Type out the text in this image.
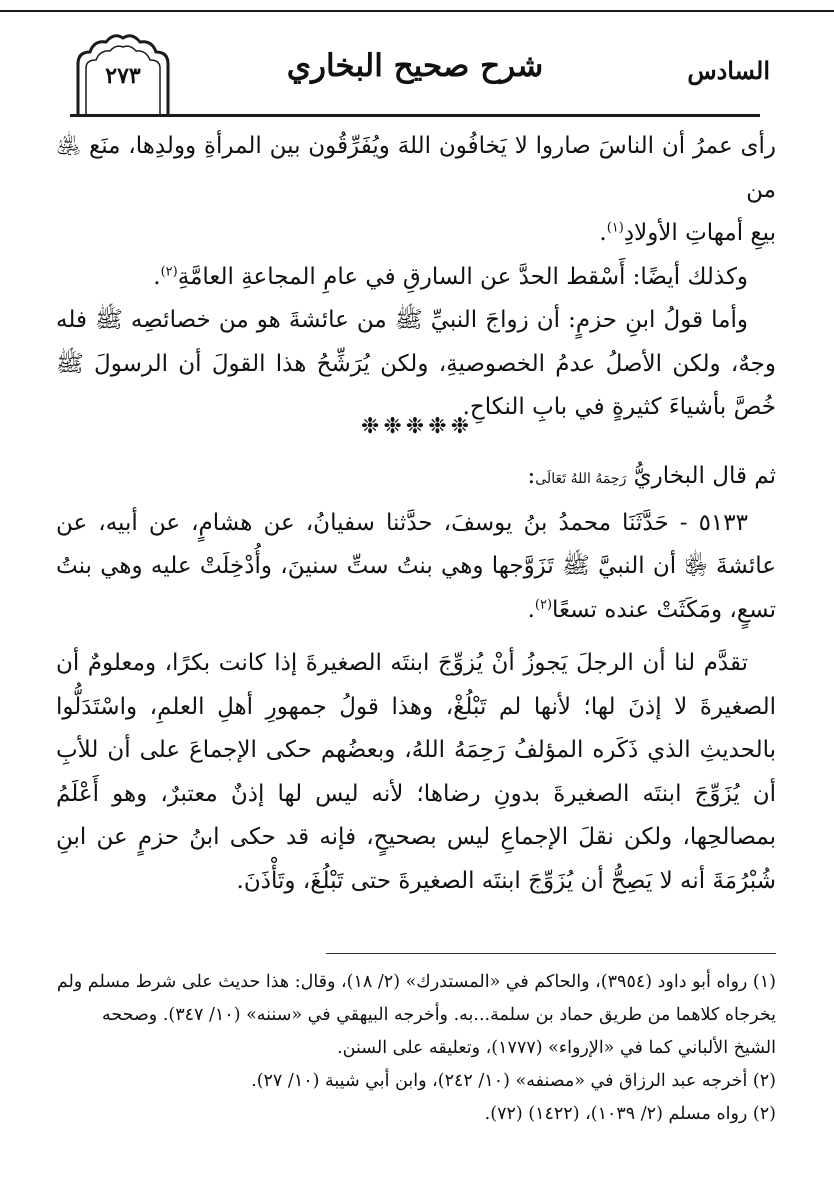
السادس
شرح صحيح البخاري
٢٧٣

رأى عمرُ أن الناسَ صاروا لا يَخافُون اللهَ ويُفَرِّقُون بين المرأةِ وولدِها، منَع ﵁ من
بيعِ أمهاتِ الأولادِ$^{(١)}$.

وكذلك أيضًا: أَسْقط الحدَّ عن السارقِ في عامِ المجاعةِ العامَّةِ$^{(٢)}$.

وأما قولُ ابنِ حزمٍ: أن زواجَ النبيِّ ﷺ من عائشةَ هو من خصائصِه ﷺ فله وجهٌ، ولكن الأصلُ عدمُ الخصوصيةِ، ولكن يُرَشِّحُ هذا القولَ أن الرسولَ ﷺ خُصَّ بأشياءَ كثيرةٍ في بابِ النكاحِ.

❉❉❉❉❉

ثم قال البخاريُّ رَحِمَهُ اللهُ تَعَالَى:

٥١٣٣ - حَدَّثَنَا محمدُ بنُ يوسفَ، حدَّثنا سفيانُ، عن هشامٍ، عن أبيه، عن عائشةَ ﵂ أن النبيَّ ﷺ تَزَوَّجها وهي بنتُ ستِّ سنينَ، وأُدْخِلَتْ عليه وهي بنتُ تسعٍ، ومَكَثَتْ عنده تسعًا$^{(٢)}$.

تقدَّم لنا أن الرجلَ يَجوزُ أنْ يُزوِّجَ ابنتَه الصغيرةَ إذا كانت بكرًا، ومعلومٌ أن الصغيرةَ لا إذنَ لها؛ لأنها لم تَبْلُغْ، وهذا قولُ جمهورِ أهلِ العلمِ، واسْتَدَلُّوا بالحديثِ الذي ذَكَره المؤلفُ رَحِمَهُ اللهُ، وبعضُهم حكى الإجماعَ على أن للأبِ أن يُزَوِّجَ ابنتَه الصغيرةَ بدونِ رضاها؛ لأنه ليس لها إذنٌ معتبرٌ، وهو أَعْلَمُ بمصالحِها، ولكن نقلَ الإجماعِ ليس بصحيحٍ، فإنه قد حكى ابنُ حزمٍ عن ابنِ شُبْرُمَةَ أنه لا يَصِحُّ أن يُزَوِّجَ ابنتَه الصغيرةَ حتى تَبْلُغَ، وتَأْذَنَ.

(١) رواه أبو داود (٣٩٥٤)، والحاكم في «المستدرك» (٢/ ١٨)، وقال: هذا حديث على شرط مسلم ولم يخرجاه كلاهما من طريق حماد بن سلمة...به. وأخرجه البيهقي في «سننه» (١٠/ ٣٤٧). وصححه الشيخ الألباني كما في «الإرواء» (١٧٧٧)، وتعليقه على السنن.

(٢) أخرجه عبد الرزاق في «مصنفه» (١٠/ ٢٤٢)، وابن أبي شيبة (١٠/ ٢٧).

(٢) رواه مسلم (٢/ ١٠٣٩)، (١٤٢٢) (٧٢).
